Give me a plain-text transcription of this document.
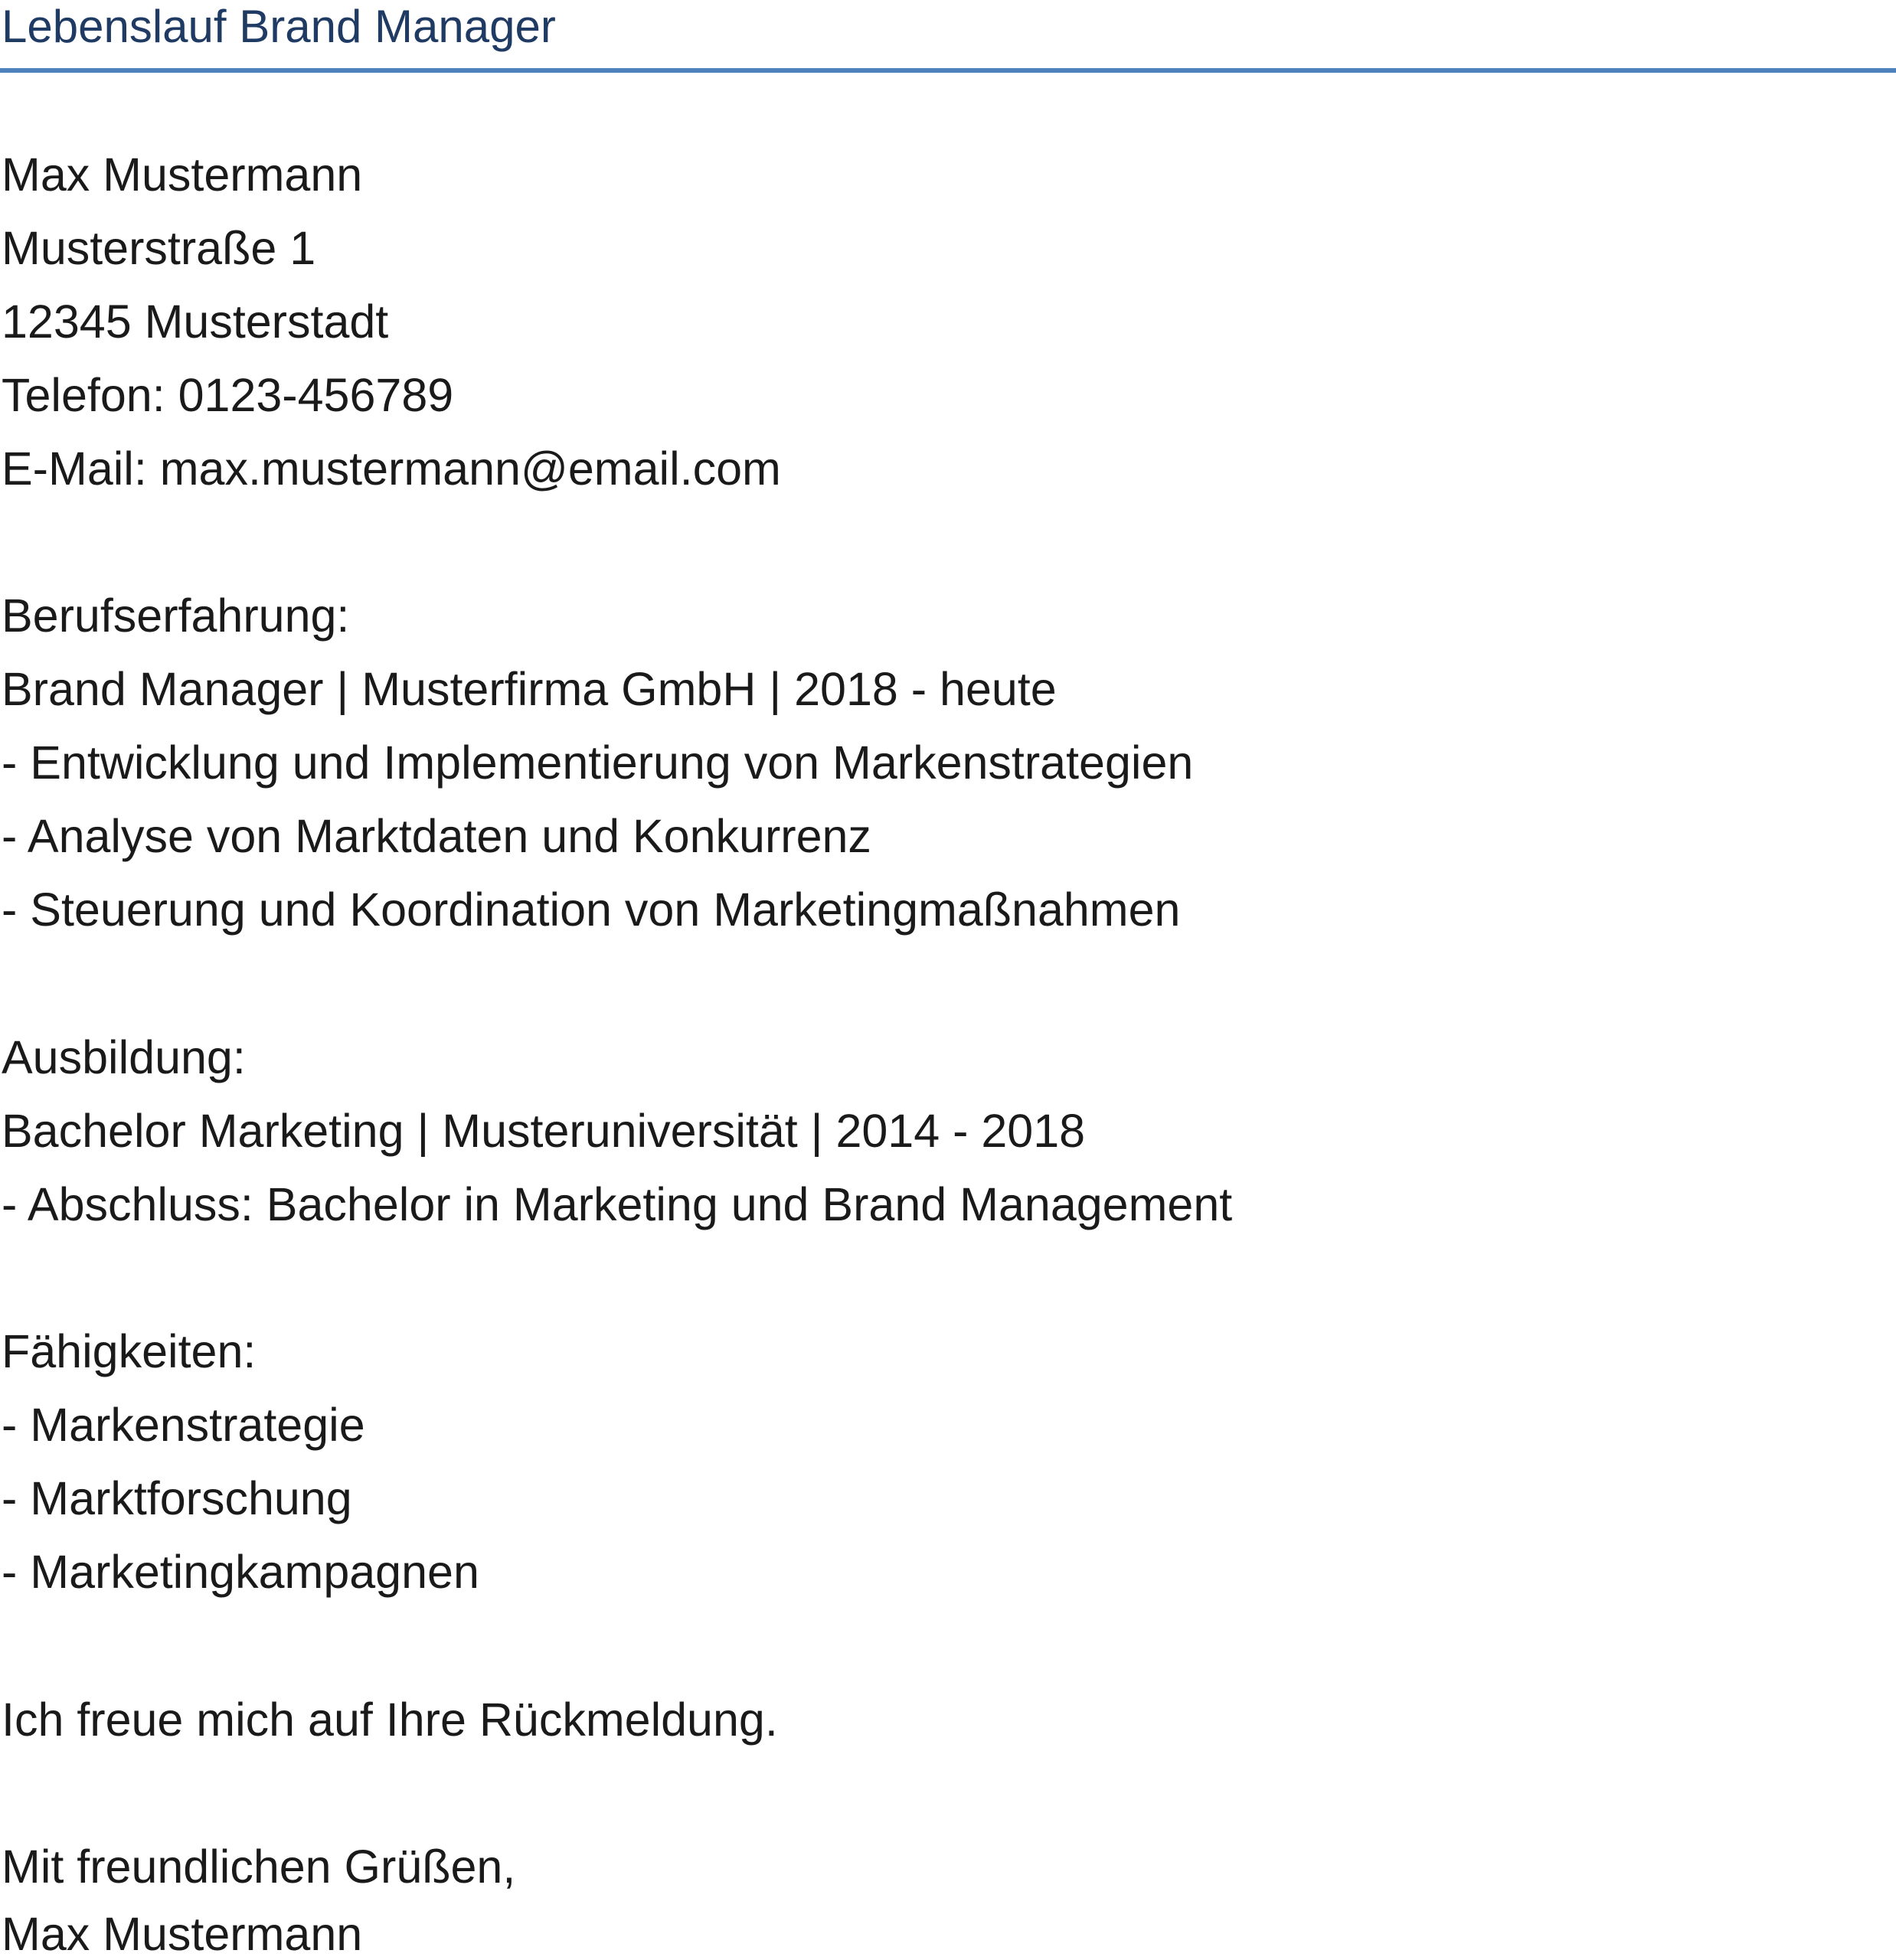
Lebenslauf Brand Manager
Max Mustermann
Musterstraße 1
12345 Musterstadt
Telefon: 0123-456789
E-Mail: max.mustermann@email.com
Berufserfahrung:
Brand Manager | Musterfirma GmbH | 2018 - heute
- Entwicklung und Implementierung von Markenstrategien
- Analyse von Marktdaten und Konkurrenz
- Steuerung und Koordination von Marketingmaßnahmen
Ausbildung:
Bachelor Marketing | Musteruniversität | 2014 - 2018
- Abschluss: Bachelor in Marketing und Brand Management
Fähigkeiten:
- Markenstrategie
- Marktforschung
- Marketingkampagnen
Ich freue mich auf Ihre Rückmeldung.
Mit freundlichen Grüßen,
Max Mustermann
